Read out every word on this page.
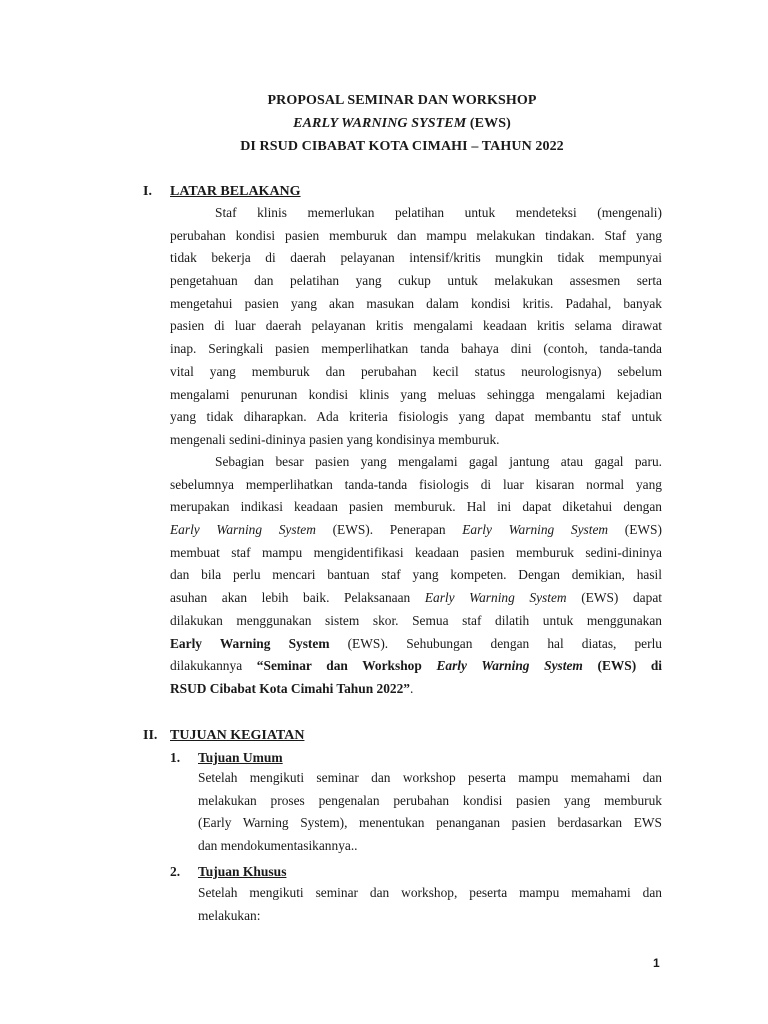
PROPOSAL SEMINAR DAN WORKSHOP
EARLY WARNING SYSTEM (EWS)
DI RSUD CIBABAT KOTA CIMAHI – TAHUN 2022
I. LATAR BELAKANG
Staf klinis memerlukan pelatihan untuk mendeteksi (mengenali)
perubahan kondisi pasien memburuk dan mampu melakukan tindakan. Staf yang
tidak bekerja di daerah pelayanan intensif/kritis mungkin tidak mempunyai
pengetahuan dan pelatihan yang cukup untuk melakukan assesmen serta
mengetahui pasien yang akan masukan dalam kondisi kritis. Padahal, banyak
pasien di luar daerah pelayanan kritis mengalami keadaan kritis selama dirawat
inap. Seringkali pasien memperlihatkan tanda bahaya dini (contoh, tanda-tanda
vital yang memburuk dan perubahan kecil status neurologisnya) sebelum
mengalami penurunan kondisi klinis yang meluas sehingga mengalami kejadian
yang tidak diharapkan. Ada kriteria fisiologis yang dapat membantu staf untuk
mengenali sedini-dininya pasien yang kondisinya memburuk.
Sebagian besar pasien yang mengalami gagal jantung atau gagal paru.
sebelumnya memperlihatkan tanda-tanda fisiologis di luar kisaran normal yang
merupakan indikasi keadaan pasien memburuk. Hal ini dapat diketahui dengan
Early Warning System (EWS). Penerapan Early Warning System (EWS)
membuat staf mampu mengidentifikasi keadaan pasien memburuk sedini-dininya
dan bila perlu mencari bantuan staf yang kompeten. Dengan demikian, hasil
asuhan akan lebih baik. Pelaksanaan Early Warning System (EWS) dapat
dilakukan menggunakan sistem skor. Semua staf dilatih untuk menggunakan
Early Warning System (EWS). Sehubungan dengan hal diatas, perlu
dilakukannya “Seminar dan Workshop Early Warning System (EWS) di
RSUD Cibabat Kota Cimahi Tahun 2022”.
II. TUJUAN KEGIATAN
1. Tujuan Umum
Setelah mengikuti seminar dan workshop peserta mampu memahami dan
melakukan proses pengenalan perubahan kondisi pasien yang memburuk
(Early Warning System), menentukan penanganan pasien berdasarkan EWS
dan mendokumentasikannya..
2. Tujuan Khusus
Setelah mengikuti seminar dan workshop, peserta mampu memahami dan
melakukan:
1
